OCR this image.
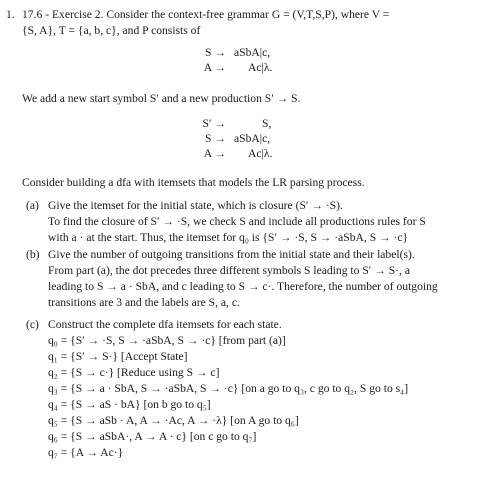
1. 17.6 - Exercise 2. Consider the context-free grammar G = (V,T,S,P), where V =
{S, A}, T = {a, b, c}, and P consists of
S → aSbA|c,
A → Ac|λ.
We add a new start symbol S′ and a new production S′ → S.
S′ →	S,
S → aSbA|c,
A → Ac|λ.
Consider building a dfa with itemsets that models the LR parsing process.
(a) Give the itemset for the initial state, which is closure (S′ → ·S).
To find the closure of S′ → ·S, we check S and include all productions rules for S
with a · at the start. Thus, the itemset for q₀ is {S′ → ·S, S → ·aSbA, S → ·c}
(b) Give the number of outgoing transitions from the initial state and their label(s).
From part (a), the dot precedes three different symbols S leading to S′ → S·, a
leading to S → a · SbA, and c leading to S → c·. Therefore, the number of outgoing
transitions are 3 and the labels are S, a, c.
(c) Construct the complete dfa itemsets for each state.
q₀ = {S′ → ·S, S → ·aSbA, S → ·c} [from part (a)]
q₁ = {S′ → S·} [Accept State]
q₂ = {S → c·} [Reduce using S → c]
q₃ = {S → a · SbA, S → ·aSbA, S → ·c} [on a go to q₃, c go to q₂, S go to s₄]
q₄ = {S → aS · bA} [on b go to q₅]
q₅ = {S → aSb · A, A → ·Ac, A → ·λ} [on A go to q₆]
q₆ = {S → aSbA·, A → A · c} [on c go to q₇]
q₇ = {A → Ac·}
